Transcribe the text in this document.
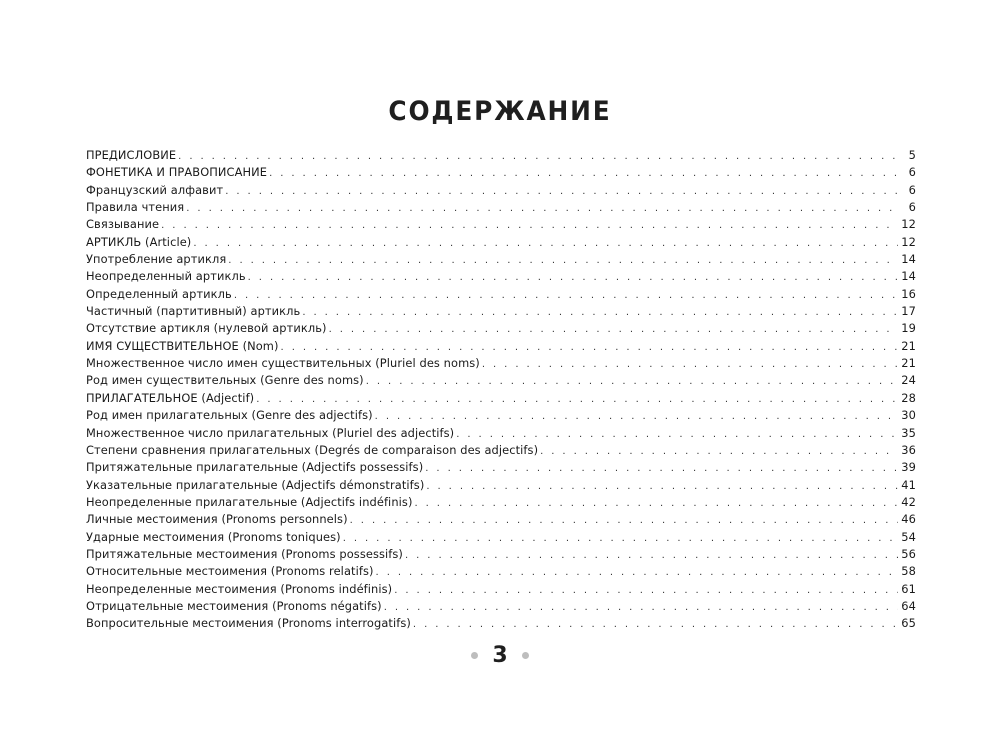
СОДЕРЖАНИЕ
ПРЕДИСЛОВИЕ . . .	5
ФОНЕТИКА И ПРАВОПИСАНИЕ . . .	6
Французский алфавит . . .	6
Правила чтения . . .	6
Связывание . . .	12
АРТИКЛЬ (Article) . . .	12
Употребление артикля . . .	14
Неопределенный артикль . . .	14
Определенный артикль . . .	16
Частичный (партитивный) артикль . . .	17
Отсутствие артикля (нулевой артикль) . . .	19
ИМЯ СУЩЕСТВИТЕЛЬНОЕ (Nom) . . .	21
Множественное число имен существительных (Pluriel des noms) . . .	21
Род имен существительных (Genre des noms) . . .	24
ПРИЛАГАТЕЛЬНОЕ (Adjectif) . . .	28
Род имен прилагательных (Genre des adjectifs) . . .	30
Множественное число прилагательных (Pluriel des adjectifs) . . .	35
Степени сравнения прилагательных (Degrés de comparaison des adjectifs) . . .	36
Притяжательные прилагательные (Adjectifs possessifs) . . .	39
Указательные прилагательные (Adjectifs démonstratifs) . . .	41
Неопределенные прилагательные (Adjectifs indéfinis) . . .	42
Личные местоимения (Pronoms personnels) . . .	46
Ударные местоимения (Pronoms toniques) . . .	54
Притяжательные местоимения (Pronoms possessifs) . . .	56
Относительные местоимения (Pronoms relatifs) . . .	58
Неопределенные местоимения (Pronoms indéfinis) . . .	61
Отрицательные местоимения (Pronoms négatifs) . . .	64
Вопросительные местоимения (Pronoms interrogatifs) . . .	65
3
